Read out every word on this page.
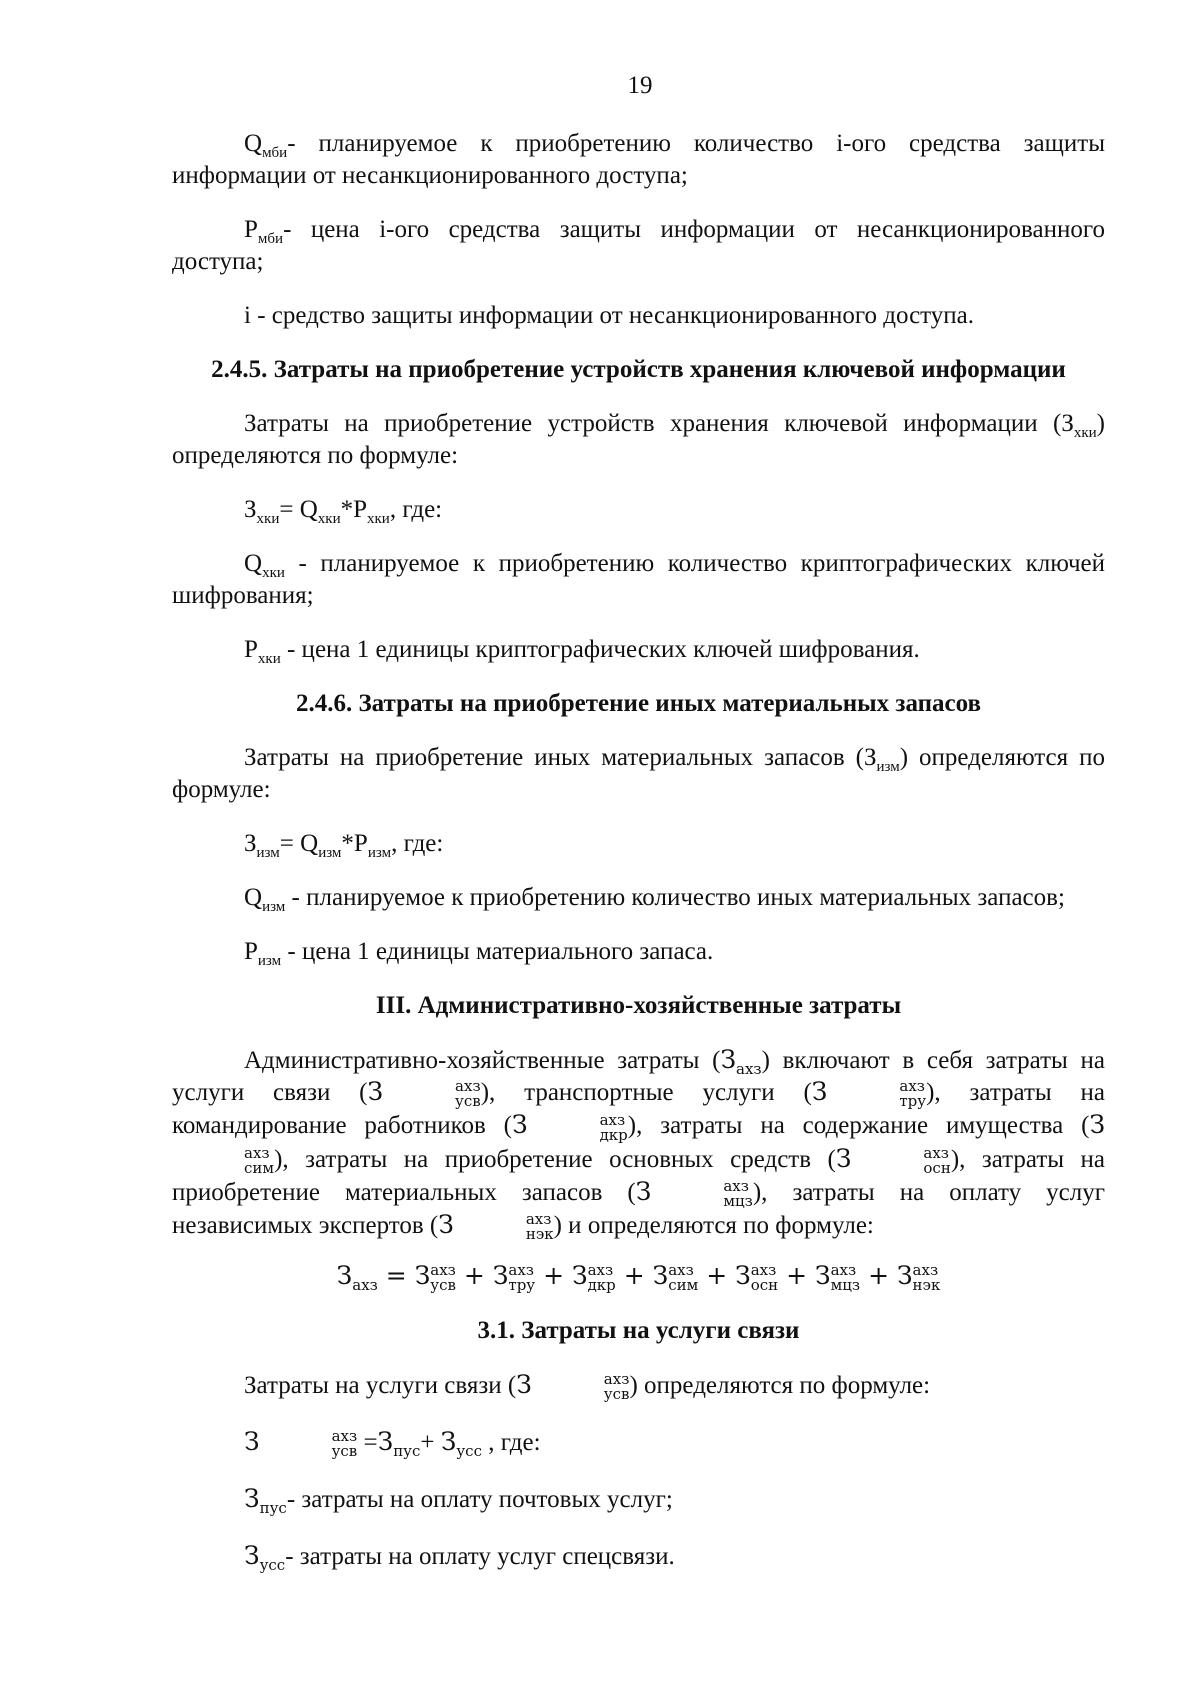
19

$Q_{мби}-$ планируемое к приобретению количество i-ого средства защиты информации от несанкционированного доступа;

$P_{мби}-$ цена i-ого средства защиты информации от несанкционированного доступа;

i - средство защиты информации от несанкционированного доступа.

2.4.5. Затраты на приобретение устройств хранения ключевой информации

Затраты на приобретение устройств хранения ключевой информации $(З_{хки})$ определяются по формуле:

$З_{хки}= Q_{хки}*P_{хки}$, где:

$Q_{хки}$ - планируемое к приобретению количество криптографических ключей шифрования;

$P_{хки}$ - цена 1 единицы криптографических ключей шифрования.

2.4.6. Затраты на приобретение иных материальных запасов

Затраты на приобретение иных материальных запасов $(З_{изм})$ определяются по формуле:

$З_{изм}= Q_{изм}*P_{изм}$, где:

$Q_{изм}$ - планируемое к приобретению количество иных материальных запасов;

$P_{изм}$ - цена 1 единицы материального запаса.

III. Административно-хозяйственные затраты

Административно-хозяйственные затраты $(З_{ахз})$ включают в себя затраты на услуги связи (З	ахз
усв ), транспортные услуги (З	ахз
тру ), затраты на командирование работников (З	ахз
дкр ), затраты на содержание имущества (З
ахз
сим ), затраты на приобретение основных средств (З	ахз
осн ), затраты на приобретение материальных запасов (З	ахз
мцз ), затраты на оплату услуг независимых экспертов (З	ахз
нэк ) и определяются по формуле:

$З_{ахз} = З$ ахз
усв + З ахз
тру + З ахз
дкр + З ахз
сим + З ахз
осн + З ахз
мцз + З ахз
нэк

3.1. Затраты на услуги связи

Затраты на услуги связи (З	ахз
усв ) определяются по формуле:

З	ахз
усв $=З_{пус}+ З_{усс}$ , где:

$З_{пус}-$ затраты на оплату почтовых услуг;

$З_{усс}-$ затраты на оплату услуг спецсвязи.
